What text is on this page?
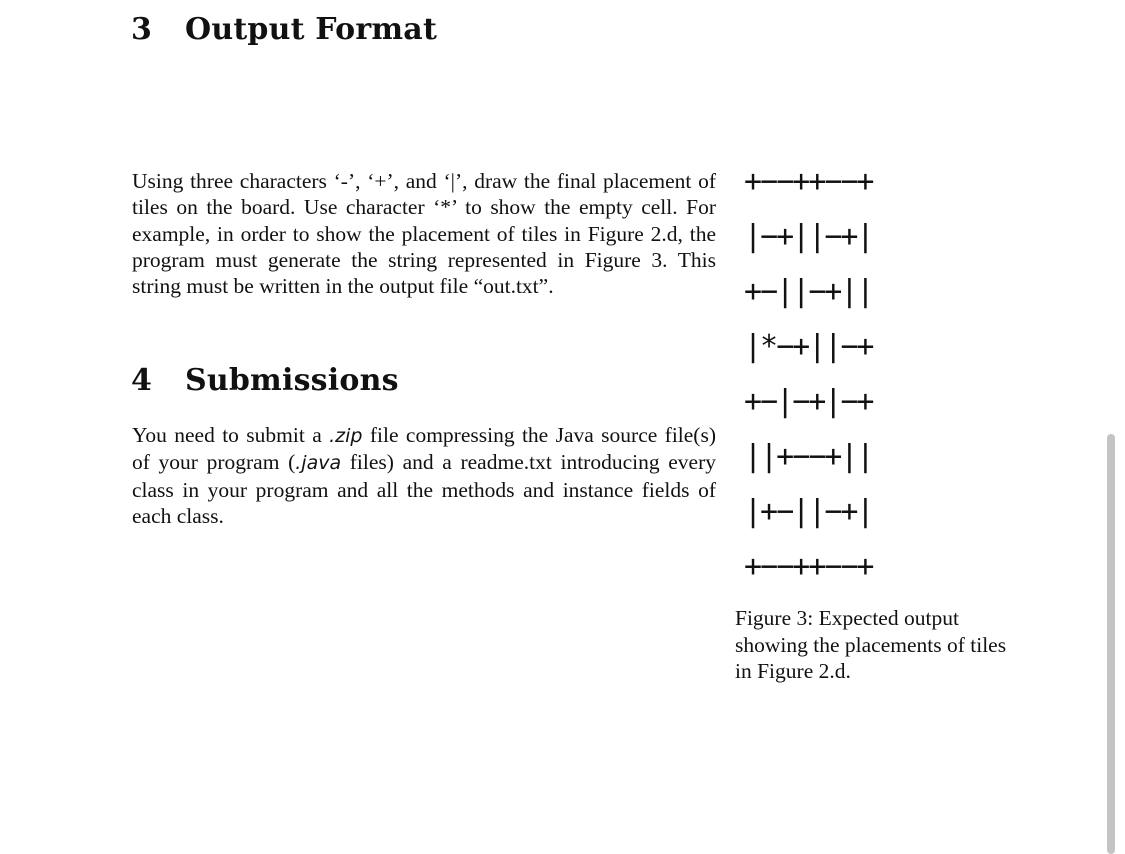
3 Output Format

Using three characters ‘-’, ‘+’, and ‘|’, draw the final placement of tiles on the board. Use character ‘*’ to show the empty cell. For example, in order to show the placement of tiles in Figure 2.d, the program must generate the string represented in Figure 3. This string must be written in the output file “out.txt”.

4 Submissions

You need to submit a .zip file compressing the Java source file(s) of your program (.java files) and a readme.txt introducing every class in your program and all the methods and instance fields of each class.

+−−++−−+
|−+||−+|
+−||−+||
|*−+||−+
+−|−+|−+
||+−−+||
|+−||−+|
+−−++−−+
Figure 3: Expected output showing the placements of tiles in Figure 2.d.
